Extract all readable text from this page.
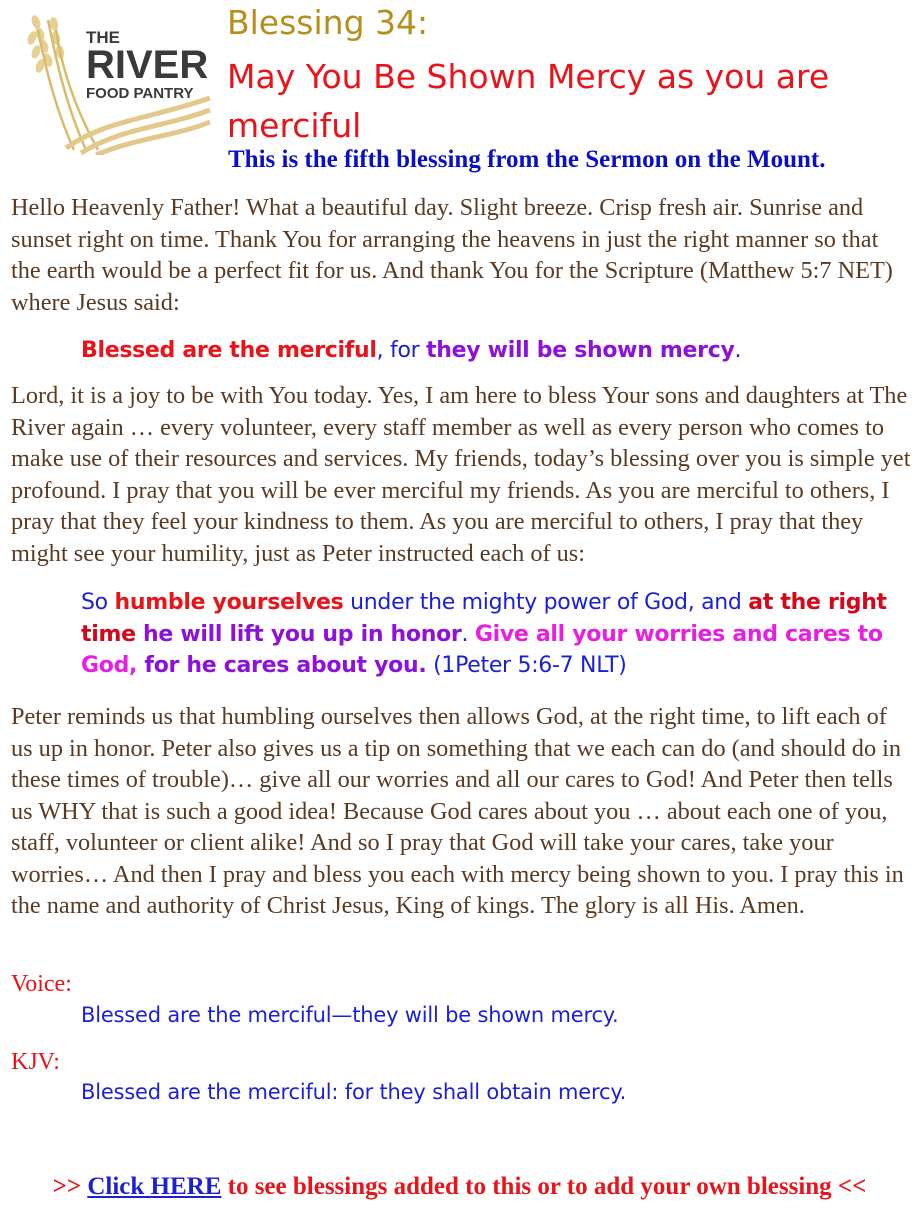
THE
RIVER
FOOD PANTRY
Blessing 34:
May You Be Shown Mercy as you are merciful
This is the fifth blessing from the Sermon on the Mount.

Hello Heavenly Father! What a beautiful day. Slight breeze. Crisp fresh air. Sunrise and sunset right on time. Thank You for arranging the heavens in just the right manner so that the earth would be a perfect fit for us. And thank You for the Scripture (Matthew 5:7 NET) where Jesus said:

Blessed are the merciful, for they will be shown mercy.

Lord, it is a joy to be with You today. Yes, I am here to bless Your sons and daughters at The River again … every volunteer, every staff member as well as every person who comes to make use of their resources and services. My friends, today’s blessing over you is simple yet profound. I pray that you will be ever merciful my friends. As you are merciful to others, I pray that they feel your kindness to them. As you are merciful to others, I pray that they might see your humility, just as Peter instructed each of us:

So humble yourselves under the mighty power of God, and at the right time he will lift you up in honor. Give all your worries and cares to God, for he cares about you. (1Peter 5:6-7 NLT)

Peter reminds us that humbling ourselves then allows God, at the right time, to lift each of us up in honor. Peter also gives us a tip on something that we each can do (and should do in these times of trouble)… give all our worries and all our cares to God! And Peter then tells us WHY that is such a good idea! Because God cares about you … about each one of you, staff, volunteer or client alike! And so I pray that God will take your cares, take your worries… And then I pray and bless you each with mercy being shown to you. I pray this in the name and authority of Christ Jesus, King of kings. The glory is all His. Amen.

Voice:
Blessed are the merciful—they will be shown mercy.
KJV:
Blessed are the merciful: for they shall obtain mercy.
>> Click HERE to see blessings added to this or to add your own blessing <<
